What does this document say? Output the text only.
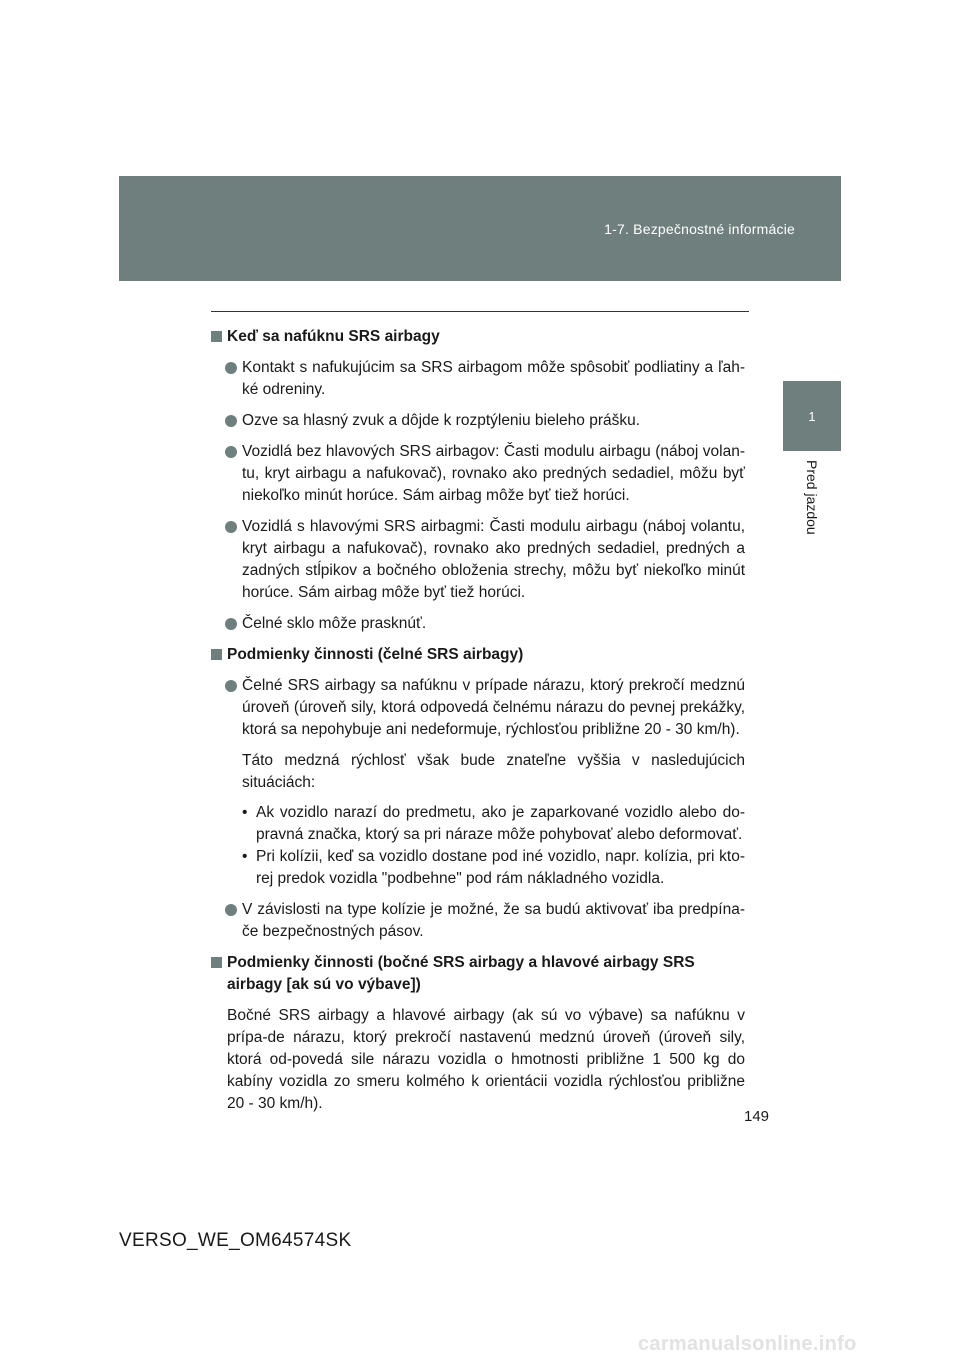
1-7. Bezpečnostné informácie
1
Pred jazdou
Keď sa nafúknu SRS airbagy
Kontakt s nafukujúcim sa SRS airbagom môže spôsobiť podliatiny a ľah-ké odreniny.
Ozve sa hlasný zvuk a dôjde k rozptýleniu bieleho prášku.
Vozidlá bez hlavových SRS airbagov: Časti modulu airbagu (náboj volan-tu, kryt airbagu a nafukovač), rovnako ako predných sedadiel, môžu byť niekoľko minút horúce. Sám airbag môže byť tiež horúci.
Vozidlá s hlavovými SRS airbagmi: Časti modulu airbagu (náboj volantu, kryt airbagu a nafukovač), rovnako ako predných sedadiel, predných a zadných stĺpikov a bočného obloženia strechy, môžu byť niekoľko minút horúce. Sám airbag môže byť tiež horúci.
Čelné sklo môže prasknúť.
Podmienky činnosti (čelné SRS airbagy)
Čelné SRS airbagy sa nafúknu v prípade nárazu, ktorý prekročí medznú úroveň (úroveň sily, ktorá odpovedá čelnému nárazu do pevnej prekážky, ktorá sa nepohybuje ani nedeformuje, rýchlosťou približne 20 - 30 km/h).
Táto medzná rýchlosť však bude znateľne vyššia v nasledujúcich situáciách:
• Ak vozidlo narazí do predmetu, ako je zaparkované vozidlo alebo do-pravná značka, ktorý sa pri náraze môže pohybovať alebo deformovať.
• Pri kolízii, keď sa vozidlo dostane pod iné vozidlo, napr. kolízia, pri kto-rej predok vozidla "podbehne" pod rám nákladného vozidla.
V závislosti na type kolízie je možné, že sa budú aktivovať iba predpína-če bezpečnostných pásov.
Podmienky činnosti (bočné SRS airbagy a hlavové airbagy SRS airbagy [ak sú vo výbave])
Bočné SRS airbagy a hlavové airbagy (ak sú vo výbave) sa nafúknu v prípa-de nárazu, ktorý prekročí nastavenú medznú úroveň (úroveň sily, ktorá od-povedá sile nárazu vozidla o hmotnosti približne 1 500 kg do kabíny vozidla zo smeru kolmého k orientácii vozidla rýchlosťou približne 20 - 30 km/h).
149
VERSO_WE_OM64574SK
carmanualsonline.info
